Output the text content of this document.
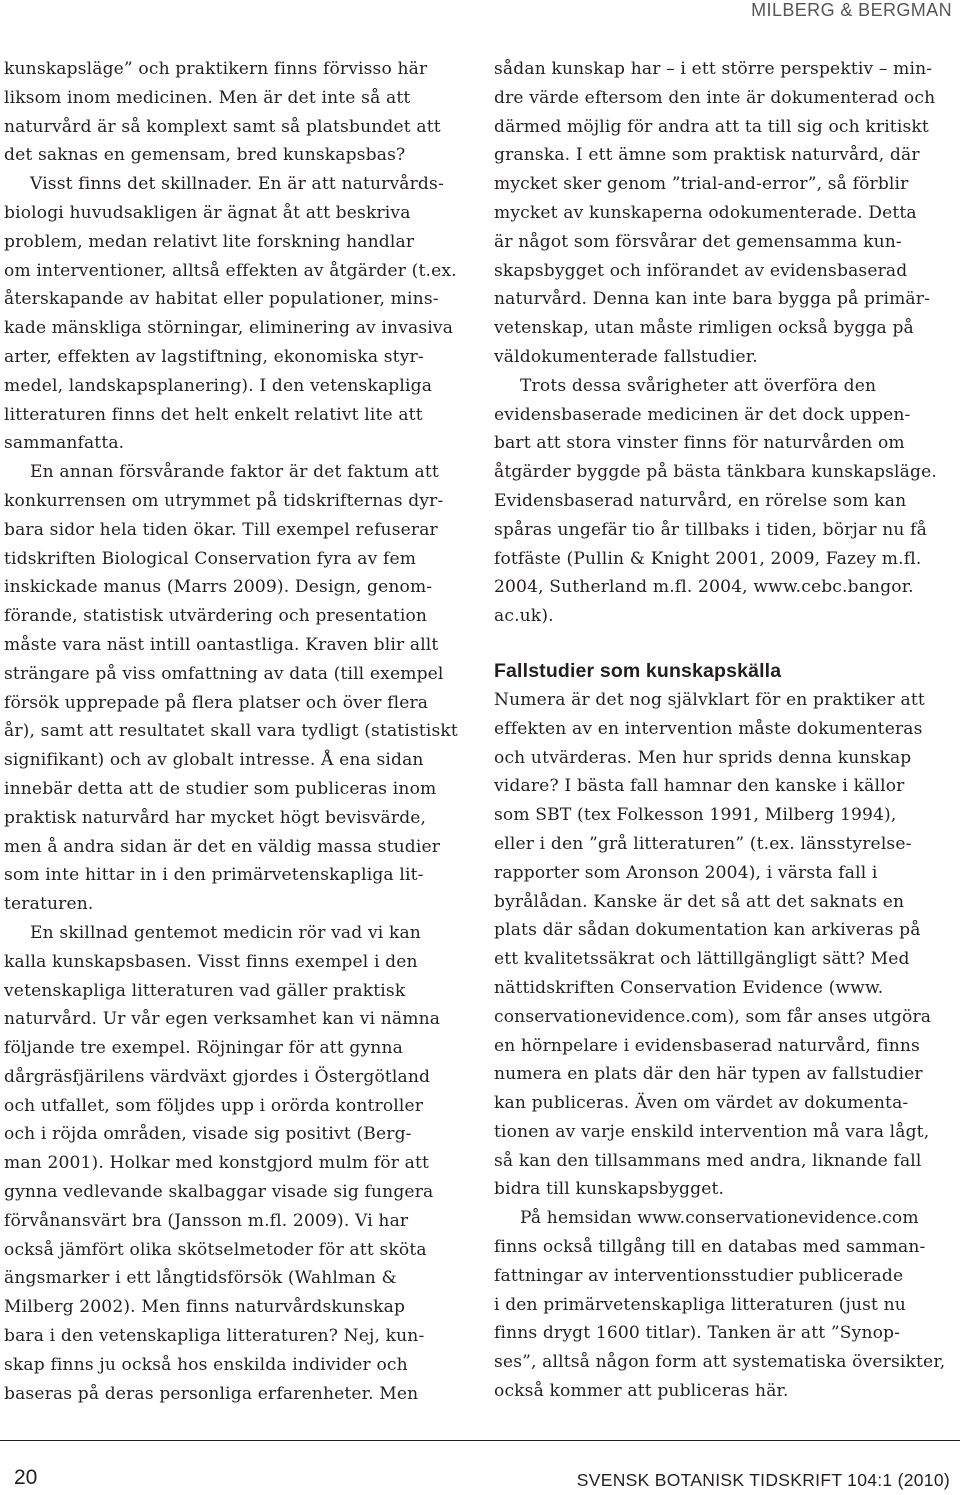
MILBERG & BERGMAN

kunskapsläge” och praktikern finns förvisso här
liksom inom medicinen. Men är det inte så att
naturvård är så komplext samt så platsbundet att
det saknas en gemensam, bred kunskapsbas?

Visst finns det skillnader. En är att naturvårds-
biologi huvudsakligen är ägnat åt att beskriva
problem, medan relativt lite forskning handlar
om interventioner, alltså effekten av åtgärder (t.ex.
återskapande av habitat eller populationer, mins-
kade mänskliga störningar, eliminering av invasiva
arter, effekten av lagstiftning, ekonomiska styr-
medel, landskapsplanering). I den vetenskapliga
litteraturen finns det helt enkelt relativt lite att
sammanfatta.

En annan försvårande faktor är det faktum att
konkurrensen om utrymmet på tidskrifternas dyr-
bara sidor hela tiden ökar. Till exempel refuserar
tidskriften Biological Conservation fyra av fem
inskickade manus (Marrs 2009). Design, genom-
förande, statistisk utvärdering och presentation
måste vara näst intill oantastliga. Kraven blir allt
strängare på viss omfattning av data (till exempel
försök upprepade på flera platser och över flera
år), samt att resultatet skall vara tydligt (statistiskt
signifikant) och av globalt intresse. Å ena sidan
innebär detta att de studier som publiceras inom
praktisk naturvård har mycket högt bevisvärde,
men å andra sidan är det en väldig massa studier
som inte hittar in i den primärvetenskapliga lit-
teraturen.

En skillnad gentemot medicin rör vad vi kan
kalla kunskapsbasen. Visst finns exempel i den
vetenskapliga litteraturen vad gäller praktisk
naturvård. Ur vår egen verksamhet kan vi nämna
följande tre exempel. Röjningar för att gynna
dårgräsfjärilens värdväxt gjordes i Östergötland
och utfallet, som följdes upp i orörda kontroller
och i röjda områden, visade sig positivt (Berg-
man 2001). Holkar med konstgjord mulm för att
gynna vedlevande skalbaggar visade sig fungera
förvånansvärt bra (Jansson m.fl. 2009). Vi har
också jämfört olika skötselmetoder för att sköta
ängsmarker i ett långtidsförsök (Wahlman &
Milberg 2002). Men finns naturvårdskunskap
bara i den vetenskapliga litteraturen? Nej, kun-
skap finns ju också hos enskilda individer och
baseras på deras personliga erfarenheter. Men

sådan kunskap har – i ett större perspektiv – min-
dre värde eftersom den inte är dokumenterad och
därmed möjlig för andra att ta till sig och kritiskt
granska. I ett ämne som praktisk naturvård, där
mycket sker genom ”trial-and-error”, så förblir
mycket av kunskaperna odokumenterade. Detta
är något som försvårar det gemensamma kun-
skapsbygget och införandet av evidensbaserad
naturvård. Denna kan inte bara bygga på primär-
vetenskap, utan måste rimligen också bygga på
väldokumenterade fallstudier.

Trots dessa svårigheter att överföra den
evidensbaserade medicinen är det dock uppen-
bart att stora vinster finns för naturvården om
åtgärder byggde på bästa tänkbara kunskapsläge.
Evidensbaserad naturvård, en rörelse som kan
spåras ungefär tio år tillbaks i tiden, börjar nu få
fotfäste (Pullin & Knight 2001, 2009, Fazey m.fl.
2004, Sutherland m.fl. 2004, www.cebc.bangor.
ac.uk).

Fallstudier som kunskapskälla

Numera är det nog självklart för en praktiker att
effekten av en intervention måste dokumenteras
och utvärderas. Men hur sprids denna kunskap
vidare? I bästa fall hamnar den kanske i källor
som SBT (tex Folkesson 1991, Milberg 1994),
eller i den ”grå litteraturen” (t.ex. länsstyrelse-
rapporter som Aronson 2004), i värsta fall i
byrålådan. Kanske är det så att det saknats en
plats där sådan dokumentation kan arkiveras på
ett kvalitetssäkrat och lättillgängligt sätt? Med
nättidskriften Conservation Evidence (www.
conservationevidence.com), som får anses utgöra
en hörnpelare i evidensbaserad naturvård, finns
numera en plats där den här typen av fallstudier
kan publiceras. Även om värdet av dokumenta-
tionen av varje enskild intervention må vara lågt,
så kan den tillsammans med andra, liknande fall
bidra till kunskapsbygget.

På hemsidan www.conservationevidence.com
finns också tillgång till en databas med samman-
fattningar av interventionsstudier publicerade
i den primärvetenskapliga litteraturen (just nu
finns drygt 1600 titlar). Tanken är att ”Synop-
ses”, alltså någon form att systematiska översikter,
också kommer att publiceras här.

20	SVENSK BOTANISK TIDSKRIFT 104:1 (2010)
